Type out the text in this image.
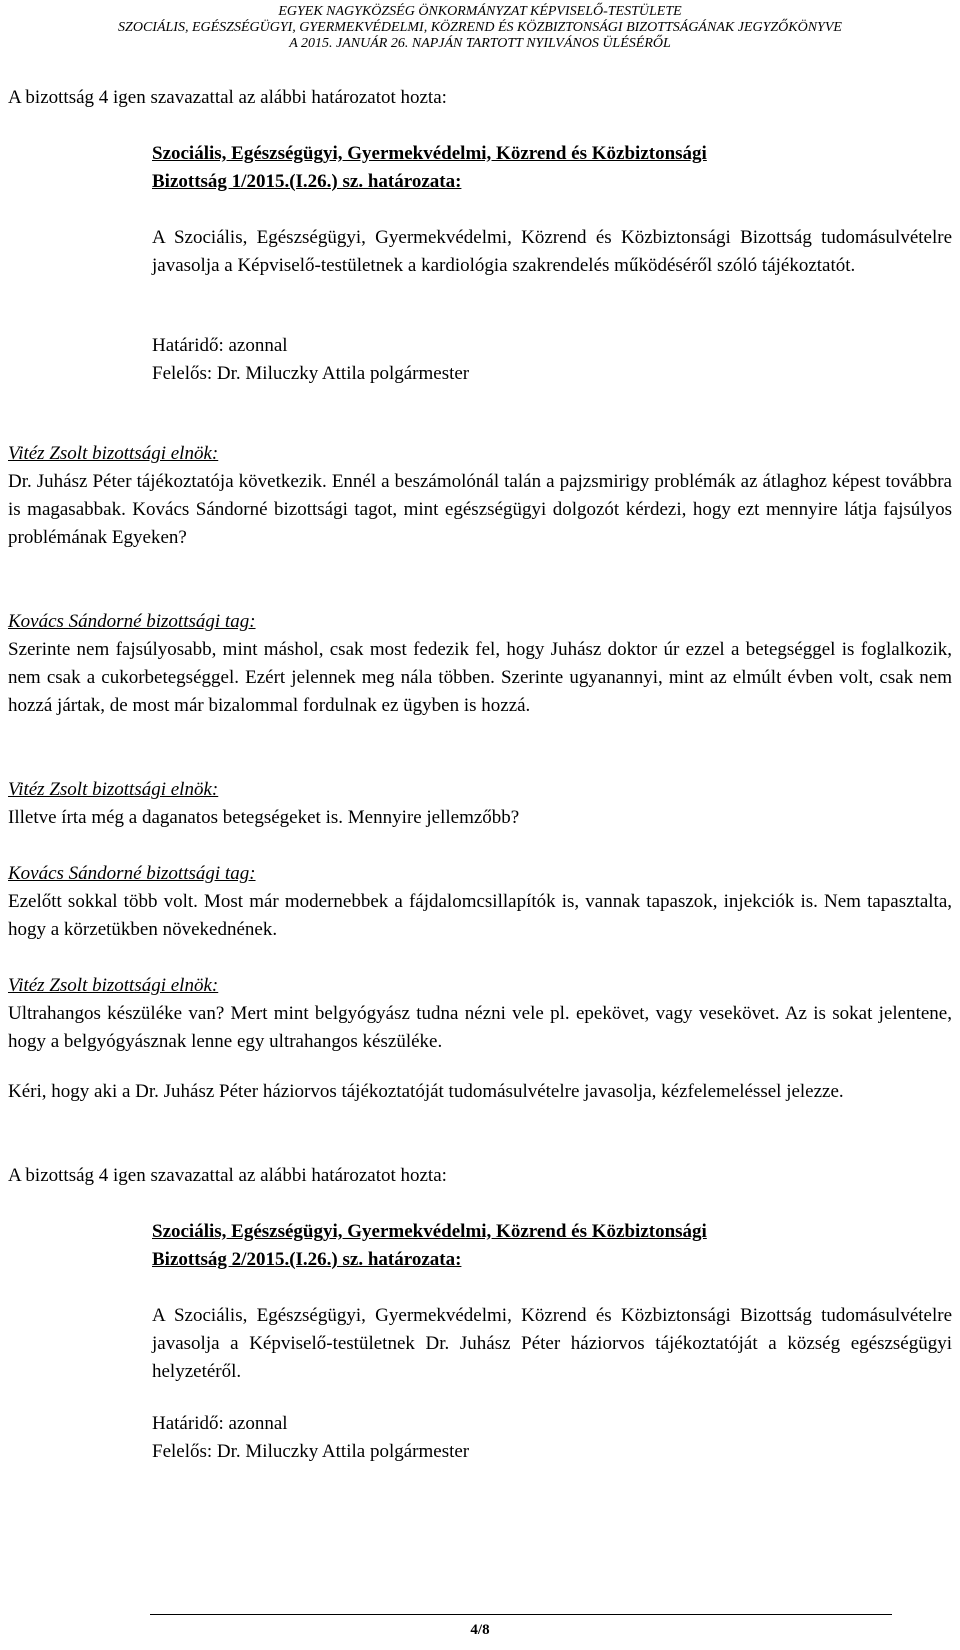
EGYEK NAGYKÖZSÉG ÖNKORMÁNYZAT KÉPVISELŐ-TESTÜLETE
SZOCIÁLIS, EGÉSZSÉGÜGYI, GYERMEKVÉDELMI, KÖZREND ÉS KÖZBIZTONSÁGI BIZOTTSÁGÁNAK JEGYZŐKÖNYVE
A 2015. JANUÁR 26. NAPJÁN TARTOTT NYILVÁNOS ÜLÉSÉRŐL
A bizottság 4 igen szavazattal az alábbi határozatot hozta:
Szociális, Egészségügyi, Gyermekvédelmi, Közrend és Közbiztonsági
Bizottság 1/2015.(I.26.) sz. határozata:
A Szociális, Egészségügyi, Gyermekvédelmi, Közrend és Közbiztonsági Bizottság tudomásulvételre javasolja a Képviselő-testületnek a kardiológia szakrendelés működéséről szóló tájékoztatót.
Határidő: azonnal
Felelős: Dr. Miluczky Attila polgármester

Vitéz Zsolt bizottsági elnök:

Dr. Juhász Péter tájékoztatója következik. Ennél a beszámolónál talán a pajzsmirigy problémák az átlaghoz képest továbbra is magasabbak. Kovács Sándorné bizottsági tagot, mint egészségügyi dolgozót kérdezi, hogy ezt mennyire látja fajsúlyos problémának Egyeken?

Kovács Sándorné bizottsági tag:

Szerinte nem fajsúlyosabb, mint máshol, csak most fedezik fel, hogy Juhász doktor úr ezzel a betegséggel is foglalkozik, nem csak a cukorbetegséggel. Ezért jelennek meg nála többen. Szerinte ugyanannyi, mint az elmúlt évben volt, csak nem hozzá jártak, de most már bizalommal fordulnak ez ügyben is hozzá.

Vitéz Zsolt bizottsági elnök:

Illetve írta még a daganatos betegségeket is. Mennyire jellemzőbb?

Kovács Sándorné bizottsági tag:

Ezelőtt sokkal több volt. Most már modernebbek a fájdalomcsillapítók is, vannak tapaszok, injekciók is. Nem tapasztalta, hogy a körzetükben növekednének.

Vitéz Zsolt bizottsági elnök:

Ultrahangos készüléke van? Mert mint belgyógyász tudna nézni vele pl. epekövet, vagy vesekövet. Az is sokat jelentene, hogy a belgyógyásznak lenne egy ultrahangos készüléke.

Kéri, hogy aki a Dr. Juhász Péter háziorvos tájékoztatóját tudomásulvételre javasolja, kézfelemeléssel jelezze.
A bizottság 4 igen szavazattal az alábbi határozatot hozta:
Szociális, Egészségügyi, Gyermekvédelmi, Közrend és Közbiztonsági
Bizottság 2/2015.(I.26.) sz. határozata:
A Szociális, Egészségügyi, Gyermekvédelmi, Közrend és Közbiztonsági Bizottság tudomásulvételre javasolja a Képviselő-testületnek Dr. Juhász Péter háziorvos tájékoztatóját a község egészségügyi helyzetéről.
Határidő: azonnal
Felelős: Dr. Miluczky Attila polgármester
4/8
